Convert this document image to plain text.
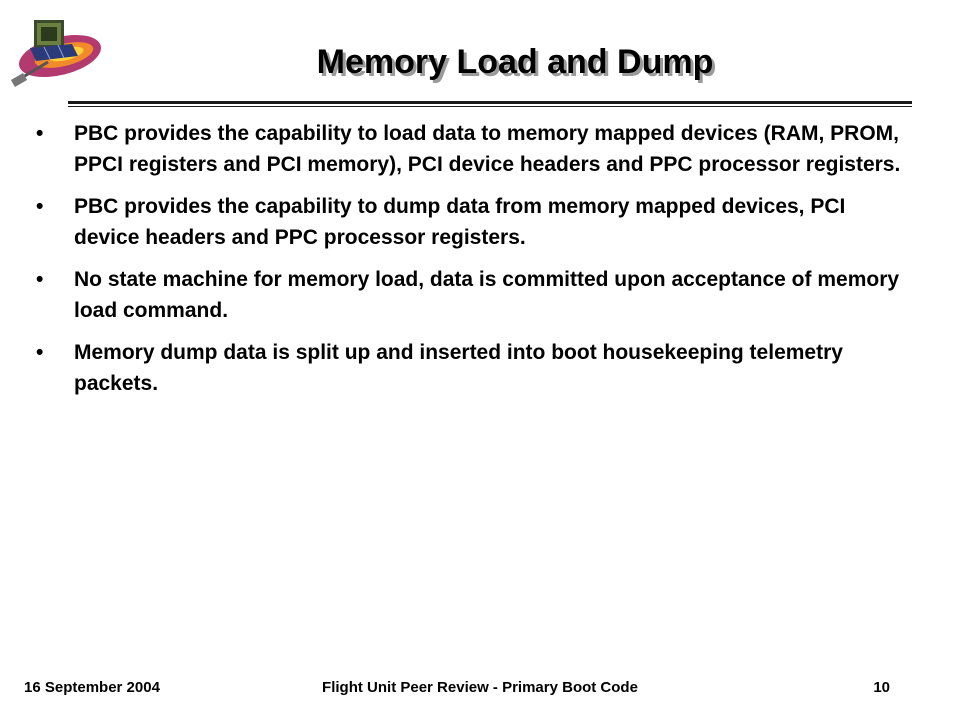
Memory Load and Dump
•	PBC provides the capability to load data to memory mapped devices (RAM, PROM, PPCI registers and PCI memory), PCI device headers and PPC processor registers.
•	PBC provides the capability to dump data from memory mapped devices, PCI device headers and PPC processor registers.
•	No state machine for memory load, data is committed upon acceptance of memory load command.
•	Memory dump data is split up and inserted into boot housekeeping telemetry packets.
16 September 2004	Flight Unit Peer Review - Primary Boot Code	10
